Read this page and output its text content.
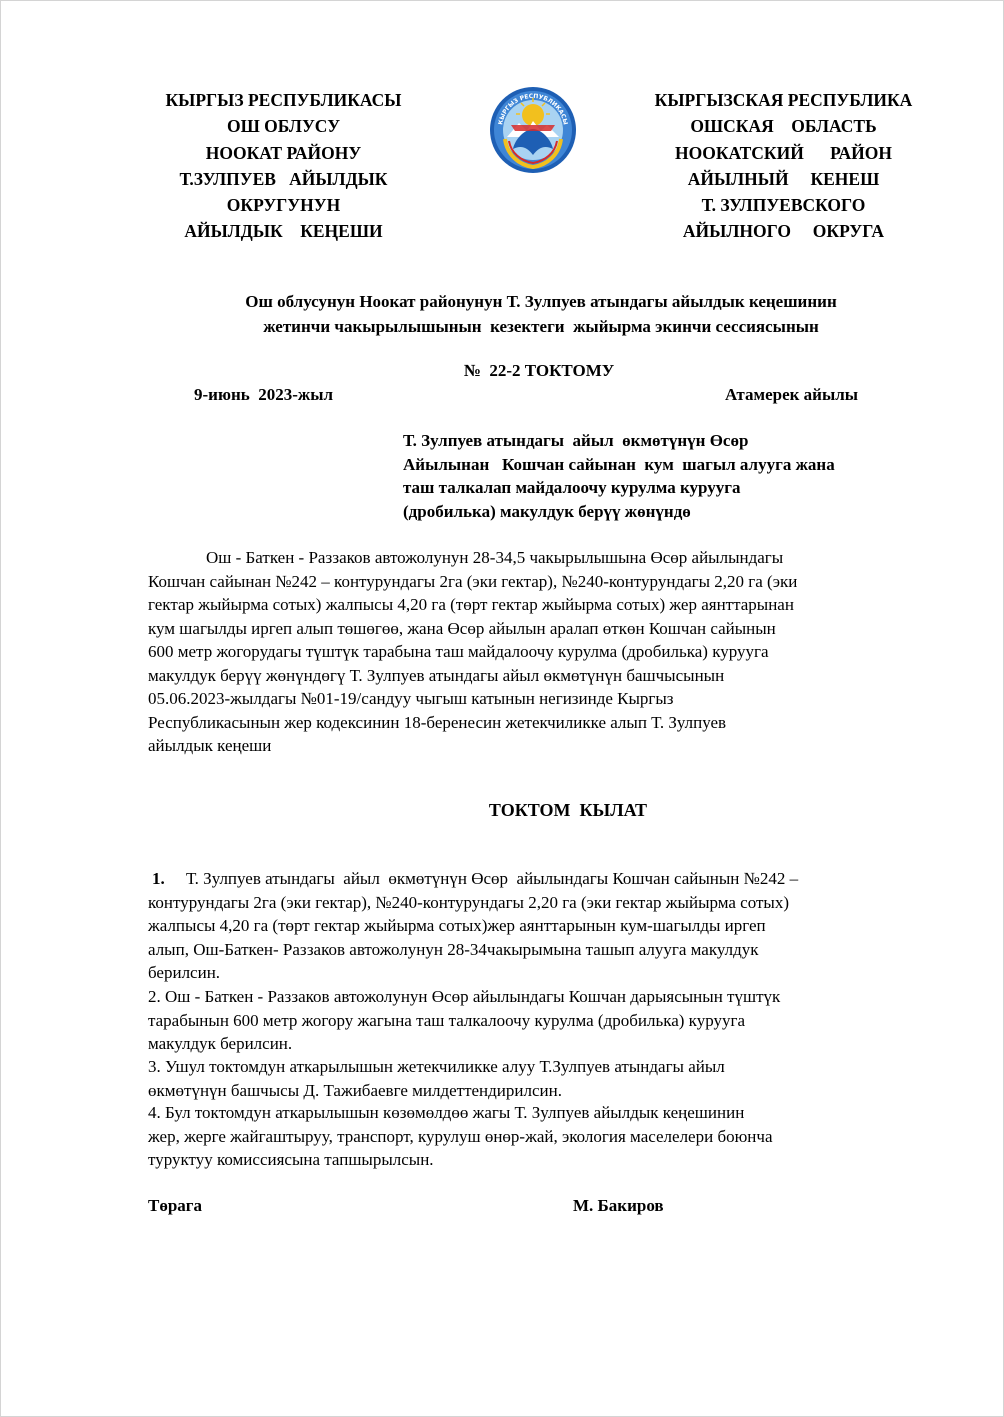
КЫРГЫЗ РЕСПУБЛИКАСЫ
ОШ ОБЛУСУ
НООКАТ РАЙОНУ
Т.ЗУЛПУЕВ   АЙЫЛДЫК
ОКРУГУНУН
АЙЫЛДЫК    КЕҢЕШИ
КЫРГЫЗ РЕСПУБЛИКАСЫ
КЫРГЫЗСКАЯ РЕСПУБЛИКА
ОШСКАЯ    ОБЛАСТЬ
НООКАТСКИЙ      РАЙОН
АЙЫЛНЫЙ     КЕНЕШ
Т. ЗУЛПУЕВСКОГО
АЙЫЛНОГО     ОКРУГА
Ош облусунун Ноокат районунун Т. Зулпуев атындагы айылдык кеңешинин
жетинчи чакырылышынын  кезектеги  жыйырма экинчи сессиясынын
№  22-2 ТОКТОМУ
9-июнь  2023-жыл	Атамерек айылы
Т. Зулпуев атындагы  айыл  өкмөтүнүн Өсөр
Айылынан   Кошчан сайынан  кум  шагыл алууга жана
таш талкалап майдалоочу курулма курууга
(дробилька) макулдук берүү жөнүндө
Ош - Баткен - Раззаков автожолунун 28-34,5 чакырылышына Өсөр айылындагы
Кошчан сайынан №242 – контурундагы 2га (эки гектар), №240-контурундагы 2,20 га (эки
гектар жыйырма сотых) жалпысы 4,20 га (төрт гектар жыйырма сотых) жер аянттарынан
кум шагылды иргеп алып төшөгөө, жана Өсөр айылын аралап өткөн Кошчан сайынын
600 метр жогорудагы түштүк тарабына таш майдалоочу курулма (дробилька) курууга
макулдук берүү жөнүндөгү Т. Зулпуев атындагы айыл өкмөтүнүн башчысынын
05.06.2023-жылдагы №01-19/сандуу чыгыш катынын негизинде Кыргыз
Республикасынын жер кодексинин 18-беренесин жетекчиликке алып Т. Зулпуев
айылдык кеңеши
ТОКТОМ  КЫЛАТ
1. Т. Зулпуев атындагы  айыл  өкмөтүнүн Өсөр  айылындагы Кошчан сайынын №242 –
контурундагы 2га (эки гектар), №240-контурундагы 2,20 га (эки гектар жыйырма сотых)
жалпысы 4,20 га (төрт гектар жыйырма сотых)жер аянттарынын кум-шагылды иргеп
алып, Ош-Баткен- Раззаков автожолунун 28-34чакырымына ташып алууга макулдук
берилсин.
2. Ош - Баткен - Раззаков автожолунун Өсөр айылындагы Кошчан дарыясынын түштүк
тарабынын 600 метр жогору жагына таш талкалоочу курулма (дробилька) курууга
макулдук берилсин.
3. Ушул токтомдун аткарылышын жетекчиликке алуу Т.Зулпуев атындагы айыл
өкмөтүнүн башчысы Д. Тажибаевге милдеттендирилсин.
4. Бул токтомдун аткарылышын көзөмөлдөө жагы Т. Зулпуев айылдык кеңешинин
жер, жерге жайгаштыруу, транспорт, курулуш өнөр-жай, экология маселелери боюнча
туруктуу комиссиясына тапшырылсын.
Төрага	М. Бакиров
